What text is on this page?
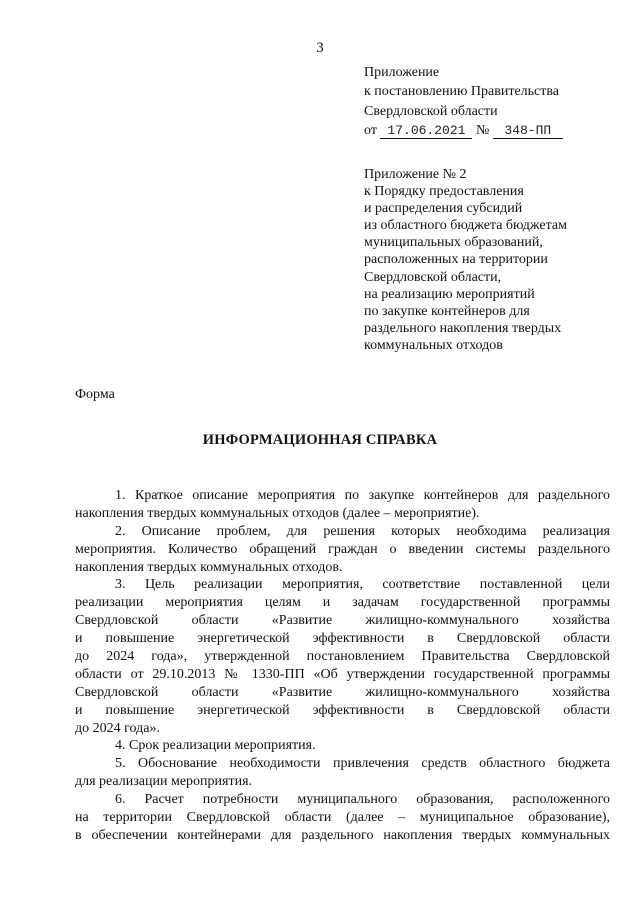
3
Приложение
к постановлению Правительства
Свердловской области
от 17.06.2021 № 348-ПП
Приложение № 2
к Порядку предоставления
и распределения субсидий
из областного бюджета бюджетам
муниципальных образований,
расположенных на территории
Свердловской области,
на реализацию мероприятий
по закупке контейнеров для
раздельного накопления твердых
коммунальных отходов
Форма
ИНФОРМАЦИОННАЯ СПРАВКА
1. Краткое описание мероприятия по закупке контейнеров для раздельного
накопления твердых коммунальных отходов (далее – мероприятие).
2. Описание проблем, для решения которых необходима реализация
мероприятия. Количество обращений граждан о введении системы раздельного
накопления твердых коммунальных отходов.
3. Цель реализации мероприятия, соответствие поставленной цели
реализации мероприятия целям и задачам государственной программы
Свердловской области «Развитие жилищно-коммунального хозяйства
и повышение энергетической эффективности в Свердловской области
до 2024 года», утвержденной постановлением Правительства Свердловской
области от 29.10.2013 № 1330-ПП «Об утверждении государственной программы
Свердловской области «Развитие жилищно-коммунального хозяйства
и повышение энергетической эффективности в Свердловской области
до 2024 года».
4. Срок реализации мероприятия.
5. Обоснование необходимости привлечения средств областного бюджета
для реализации мероприятия.
6. Расчет потребности муниципального образования, расположенного
на территории Свердловской области (далее – муниципальное образование),
в обеспечении контейнерами для раздельного накопления твердых коммунальных
